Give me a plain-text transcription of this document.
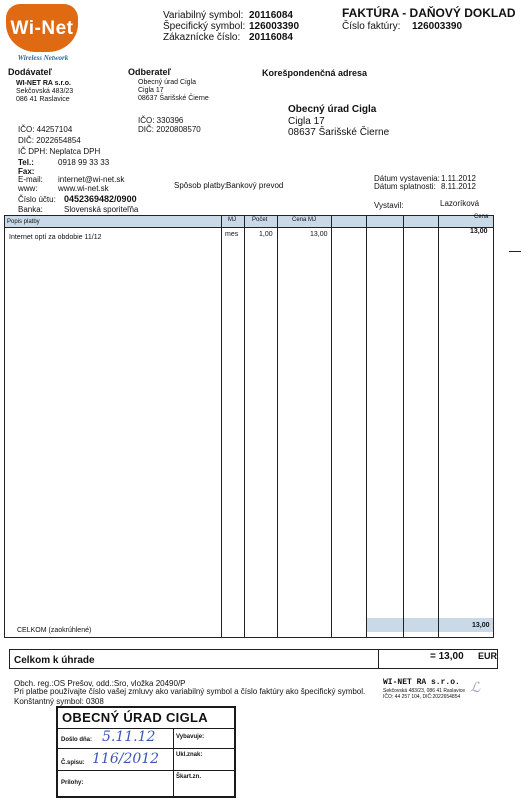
Wi-Net
Wireless Network
Variabilný symbol: 20116084
Špecifický symbol: 126003390
Zákaznícke číslo: 20116084
FAKTÚRA - DAŇOVÝ DOKLAD
Číslo faktúry: 126003390
Dodávateľ
WI-NET RA s.r.o.
Sekčovská 483/23
086 41 Raslavice
IČO: 44257104
DIČ: 2022654854
IČ DPH: Neplatca DPH
Tel.:	0918 99 33 33
Fax:
E-mail: internet@wi-net.sk
www:	www.wi-net.sk
Číslo účtu: 0452369482/0900
Banka:	Slovenská sporiteľňa
Odberateľ
Obecný úrad Cigla
Cigla 17
08637 Šarišské Čierne
IČO: 330396
DIČ: 2020808570
Korešpondenčná adresa
Obecný úrad Cigla
Cigla 17
08637 Šarišské Čierne
Spôsob platby: Bankový prevod
Dátum vystavenia: 1.11.2012
Dátum splatnosti: 8.11.2012
Vystavil:	Lazoríková
Popis platby	MJ	Počet	Cena MJ	Cena
Internet optí za obdobie 11/12	mes	1,00	13,00	13,00
CELKOM (zaokrúhlené)
13,00
Celkom k úhrade	= 13,00 EUR
Obch. reg.:OS Prešov, odd.:Sro, vložka 20490/P
Pri platbe používajte číslo vašej zmluvy ako variabilný symbol a číslo faktúry ako špecifický symbol.
Konštantný symbol: 0308
WI-NET RA s.r.o.
Sekčovská 483/23, 086 41 Raslavice
IČO: 44 257 104, DIČ:2022654854
ℒ
OBECNÝ ÚRAD CIGLA
Došlo dňa: 5.11.12	Vybavuje:
Č.spisu: 116/2012	Ukl.znak:
Prílohy:
Škart.zn.
